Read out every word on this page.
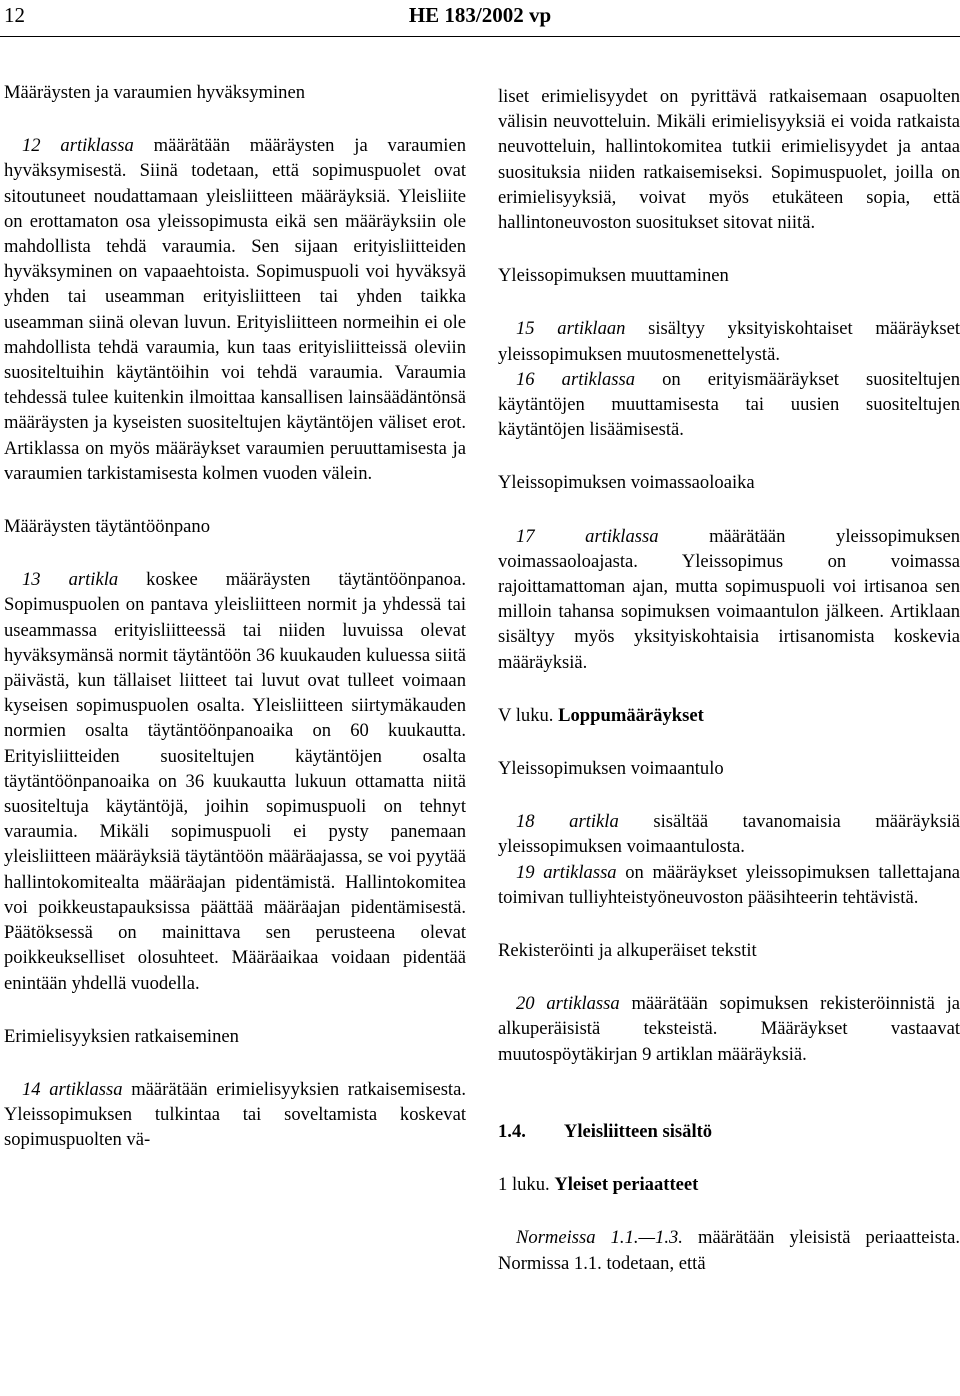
12	HE 183/2002 vp
Määräysten ja varaumien hyväksyminen

12 artiklassa määrätään määräysten ja varaumien hyväksymisestä. Siinä todetaan, että sopimuspuolet ovat sitoutuneet noudattamaan yleisliitteen määräyksiä. Yleisliite on erottamaton osa yleissopimusta eikä sen määräyksiin ole mahdollista tehdä varaumia. Sen sijaan erityisliitteiden hyväksyminen on vapaaehtoista. Sopimuspuoli voi hyväksyä yhden tai useamman erityisliitteen tai yhden taikka useamman siinä olevan luvun. Erityisliitteen normeihin ei ole mahdollista tehdä varaumia, kun taas erityisliitteissä oleviin suositeltuihin käytäntöihin voi tehdä varaumia. Varaumia tehdessä tulee kuitenkin ilmoittaa kansallisen lainsäädäntönsä määräysten ja kyseisten suositeltujen käytäntöjen väliset erot. Artiklassa on myös määräykset varaumien peruuttamisesta ja varaumien tarkistamisesta kolmen vuoden välein.

Määräysten täytäntöönpano

13 artikla koskee määräysten täytäntöönpanoa. Sopimuspuolen on pantava yleisliitteen normit ja yhdessä tai useammassa erityisliitteessä tai niiden luvuissa olevat hyväksymänsä normit täytäntöön 36 kuukauden kuluessa siitä päivästä, kun tällaiset liitteet tai luvut ovat tulleet voimaan kyseisen sopimuspuolen osalta. Yleisliitteen siirtymäkauden normien osalta täytäntöönpanoaika on 60 kuukautta. Erityisliitteiden suositeltujen käytäntöjen osalta täytäntöönpanoaika on 36 kuukautta lukuun ottamatta niitä suositeltuja käytäntöjä, joihin sopimuspuoli on tehnyt varaumia. Mikäli sopimuspuoli ei pysty panemaan yleisliitteen määräyksiä täytäntöön määräajassa, se voi pyytää hallintokomitealta määräajan pidentämistä. Hallintokomitea voi poikkeustapauksissa päättää määräajan pidentämisestä. Päätöksessä on mainittava sen perusteena olevat poikkeukselliset olosuhteet. Määräaikaa voidaan pidentää enintään yhdellä vuodella.

Erimielisyyksien ratkaiseminen

14 artiklassa määrätään erimielisyyksien ratkaisemisesta. Yleissopimuksen tulkintaa tai soveltamista koskevat sopimuspuolten vä-

liset erimielisyydet on pyrittävä ratkaisemaan osapuolten välisin neuvotteluin. Mikäli erimielisyyksiä ei voida ratkaista neuvotteluin, hallintokomitea tutkii erimielisyydet ja antaa suosituksia niiden ratkaisemiseksi. Sopimuspuolet, joilla on erimielisyyksiä, voivat myös etukäteen sopia, että hallintoneuvoston suositukset sitovat niitä.

Yleissopimuksen muuttaminen

15 artiklaan sisältyy yksityiskohtaiset määräykset yleissopimuksen muutosmenettelystä.

16 artiklassa on erityismääräykset suositeltujen käytäntöjen muuttamisesta tai uusien suositeltujen käytäntöjen lisäämisestä.

Yleissopimuksen voimassaoloaika

17 artiklassa määrätään yleissopimuksen voimassaoloajasta. Yleissopimus on voimassa rajoittamattoman ajan, mutta sopimuspuoli voi irtisanoa sen milloin tahansa sopimuksen voimaantulon jälkeen. Artiklaan sisältyy myös yksityiskohtaisia irtisanomista koskevia määräyksiä.

V luku. Loppumääräykset
Yleissopimuksen voimaantulo

18 artikla sisältää tavanomaisia määräyksiä yleissopimuksen voimaantulosta.

19 artiklassa on määräykset yleissopimuksen tallettajana toimivan tulliyhteistyöneuvoston pääsihteerin tehtävistä.

Rekisteröinti ja alkuperäiset tekstit

20 artiklassa määrätään sopimuksen rekisteröinnistä ja alkuperäisistä teksteistä. Määräykset vastaavat muutospöytäkirjan 9 artiklan määräyksiä.

1.4. Yleisliitteen sisältö
1 luku. Yleiset periaatteet

Normeissa 1.1.—1.3. määrätään yleisistä periaatteista. Normissa 1.1. todetaan, että
